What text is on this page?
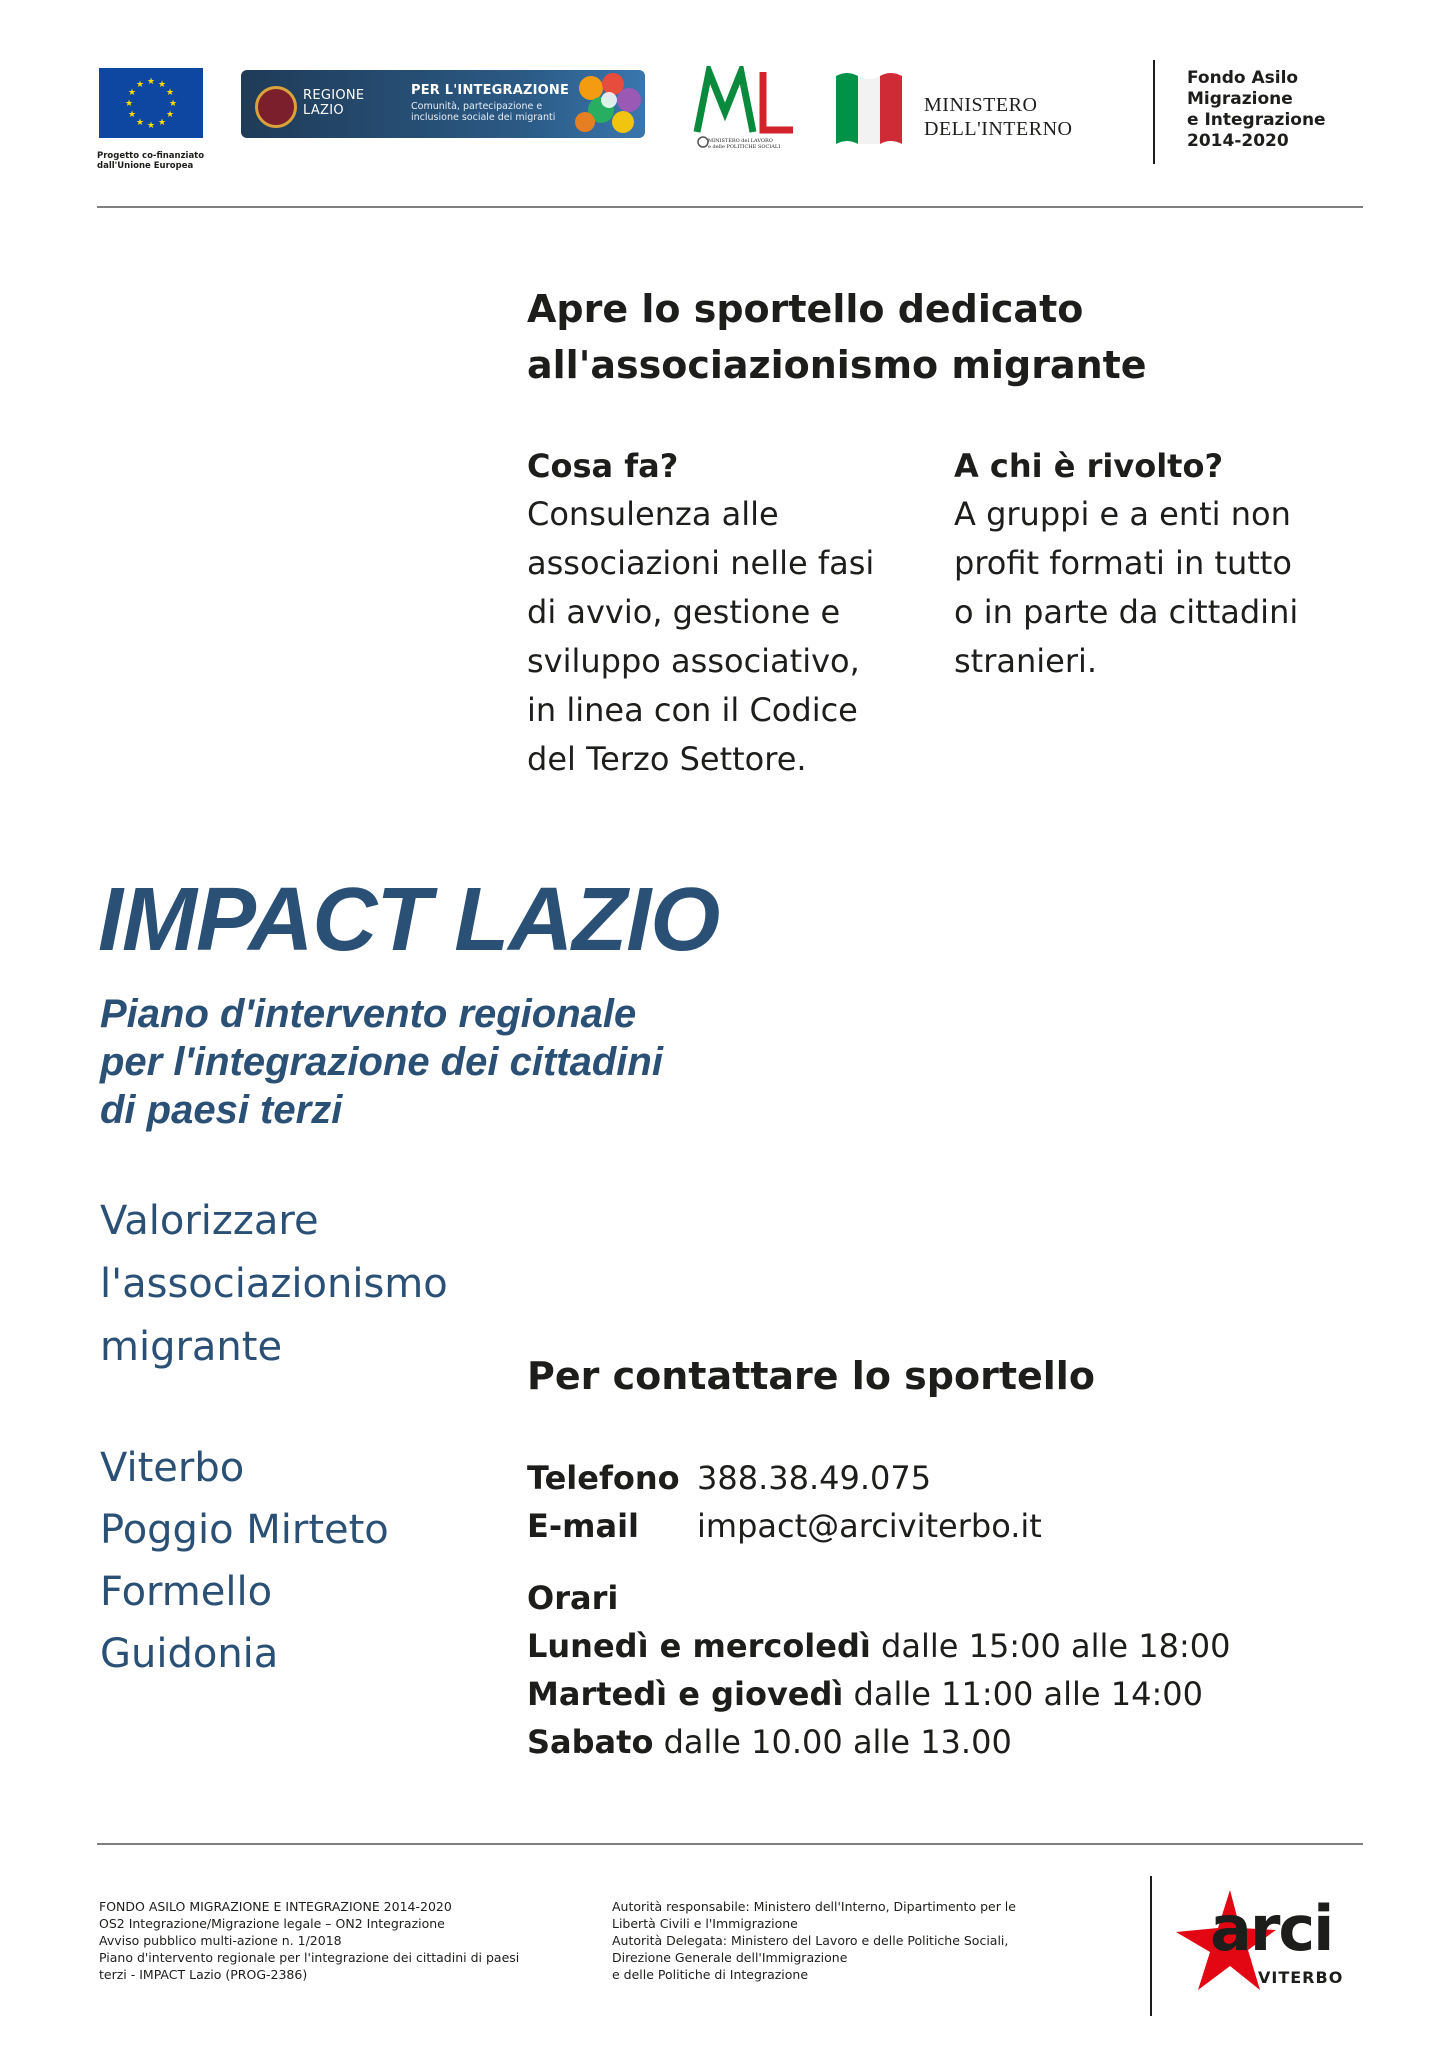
★ ★
★
★
★
★
★
★
★
★
★
★
Progetto co-finanziato
dall'Unione Europea
REGIONE
LAZIO
PER L'INTEGRAZIONE
Comunità, partecipazione e
inclusione sociale dei migranti
MINISTERO del LAVORO
e delle POLITICHE SOCIALI
MINISTERO
DELL'INTERNO
Fondo Asilo
Migrazione
e Integrazione
2014-2020
Apre lo sportello dedicato
all'associazionismo migrante
Cosa fa?
Consulenza alle
associazioni nelle fasi
di avvio, gestione e
sviluppo associativo,
in linea con il Codice
del Terzo Settore.
A chi è rivolto?
A gruppi e a enti non
profit formati in tutto
o in parte da cittadini
stranieri.
IMPACT LAZIO
Piano d'intervento regionale
per l'integrazione dei cittadini
di paesi terzi
Valorizzare
l'associazionismo
migrante
Viterbo
Poggio Mirteto
Formello
Guidonia
Per contattare lo sportello
Telefono 388.38.49.075
E-mail impact@arciviterbo.it
Orari
Lunedì e mercoledì dalle 15:00 alle 18:00
Martedì e giovedì dalle 11:00 alle 14:00
Sabato dalle 10.00 alle 13.00
FONDO ASILO MIGRAZIONE E INTEGRAZIONE 2014-2020
OS2 Integrazione/Migrazione legale – ON2 Integrazione
Avviso pubblico multi-azione n. 1/2018
Piano d'intervento regionale per l'integrazione dei cittadini di paesi
terzi - IMPACT Lazio (PROG-2386)
Autorità responsabile: Ministero dell'Interno, Dipartimento per le
Libertà Civili e l'Immigrazione
Autorità Delegata: Ministero del Lavoro e delle Politiche Sociali,
Direzione Generale dell'Immigrazione
e delle Politiche di Integrazione
arci
VITERBO
